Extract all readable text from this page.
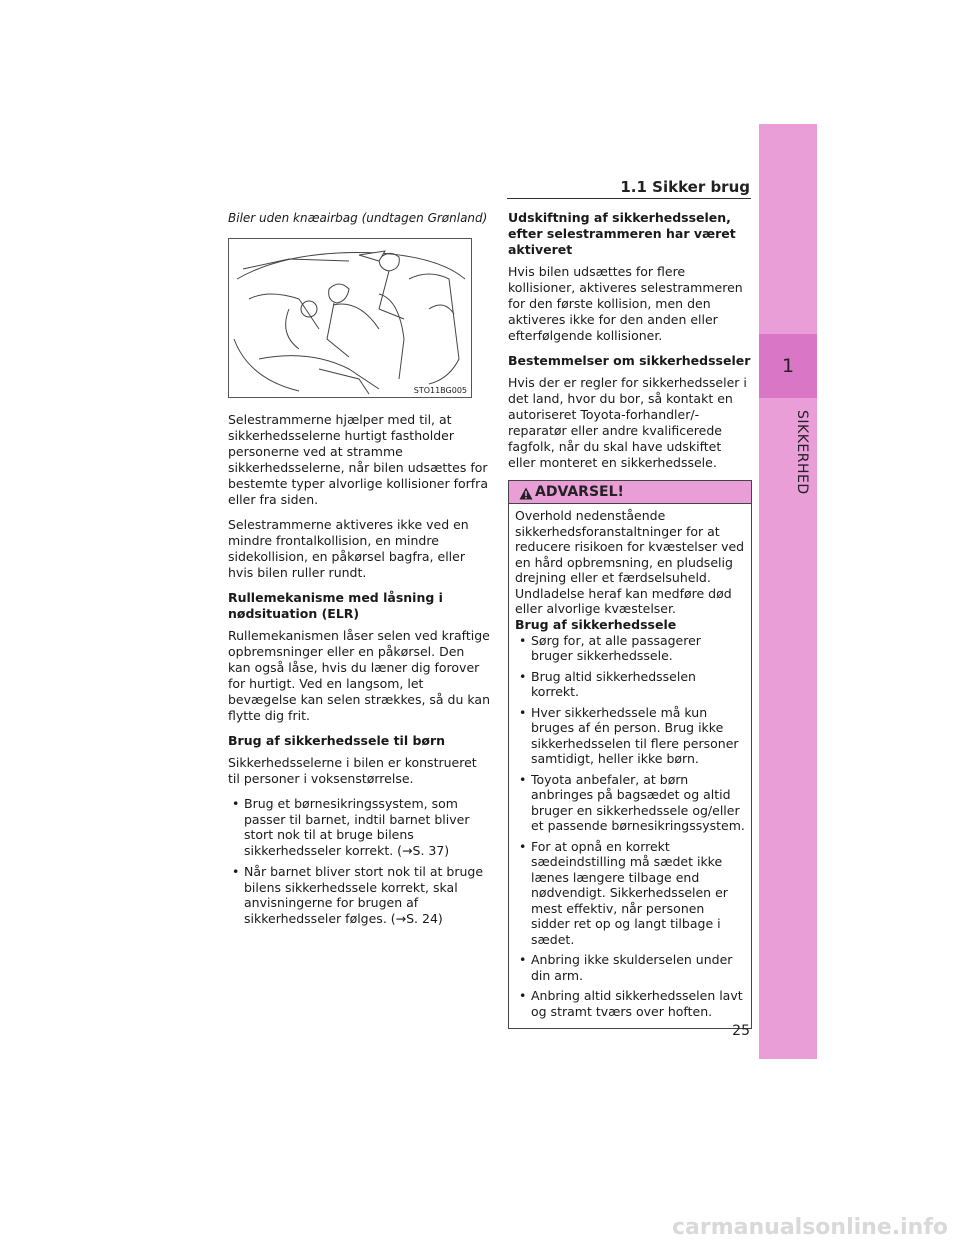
1
SIKKERHED
1.1 Sikker brug
Biler uden knæairbag (undtagen Grønland)
STO11BG005

Selestrammerne hjælper med til, at sikkerhedsselerne hurtigt fastholder personerne ved at stramme sikkerhedsselerne, når bilen udsættes for bestemte typer alvorlige kollisioner forfra eller fra siden.

Selestrammerne aktiveres ikke ved en mindre frontalkollision, en mindre sidekollision, en påkørsel bagfra, eller hvis bilen ruller rundt.

Rullemekanisme med låsning i nødsituation (ELR)

Rullemekanismen låser selen ved kraftige opbremsninger eller en påkørsel. Den kan også låse, hvis du læner dig forover for hurtigt. Ved en langsom, let bevægelse kan selen strækkes, så du kan flytte dig frit.

Brug af sikkerhedssele til børn

Sikkerhedsselerne i bilen er konstrueret til personer i voksenstørrelse.

• Brug et børnesikringssystem, som passer til barnet, indtil barnet bliver stort nok til at bruge bilens sikkerhedsseler korrekt. (→S. 37)
• Når barnet bliver stort nok til at bruge bilens sikkerhedssele korrekt, skal anvisningerne for brugen af sikkerhedsseler følges. (→S. 24)
Udskiftning af sikkerhedsselen, efter selestrammeren har været aktiveret

Hvis bilen udsættes for flere kollisioner, aktiveres selestrammeren for den første kollision, men den aktiveres ikke for den anden eller efterfølgende kollisioner.

Bestemmelser om sikkerhedsseler

Hvis der er regler for sikkerhedsseler i det land, hvor du bor, så kontakt en autoriseret Toyota-forhandler/-reparatør eller andre kvalificerede fagfolk, når du skal have udskiftet eller monteret en sikkerhedssele.

ADVARSEL!

Overhold nedenstående sikkerhedsforanstaltninger for at reducere risikoen for kvæstelser ved en hård opbremsning, en pludselig drejning eller et færdselsuheld. Undladelse heraf kan medføre død eller alvorlige kvæstelser.

Brug af sikkerhedssele
• Sørg for, at alle passagerer bruger sikkerhedssele.
• Brug altid sikkerhedsselen korrekt.
• Hver sikkerhedssele må kun bruges af én person. Brug ikke sikkerhedsselen til flere personer samtidigt, heller ikke børn.
• Toyota anbefaler, at børn anbringes på bagsædet og altid bruger en sikkerhedssele og/eller et passende børnesikringssystem.
• For at opnå en korrekt sædeindstilling må sædet ikke lænes længere tilbage end nødvendigt. Sikkerhedsselen er mest effektiv, når personen sidder ret op og langt tilbage i sædet.
• Anbring ikke skulderselen under din arm.
• Anbring altid sikkerhedsselen lavt og stramt tværs over hoften.
25
carmanualsonline.info
